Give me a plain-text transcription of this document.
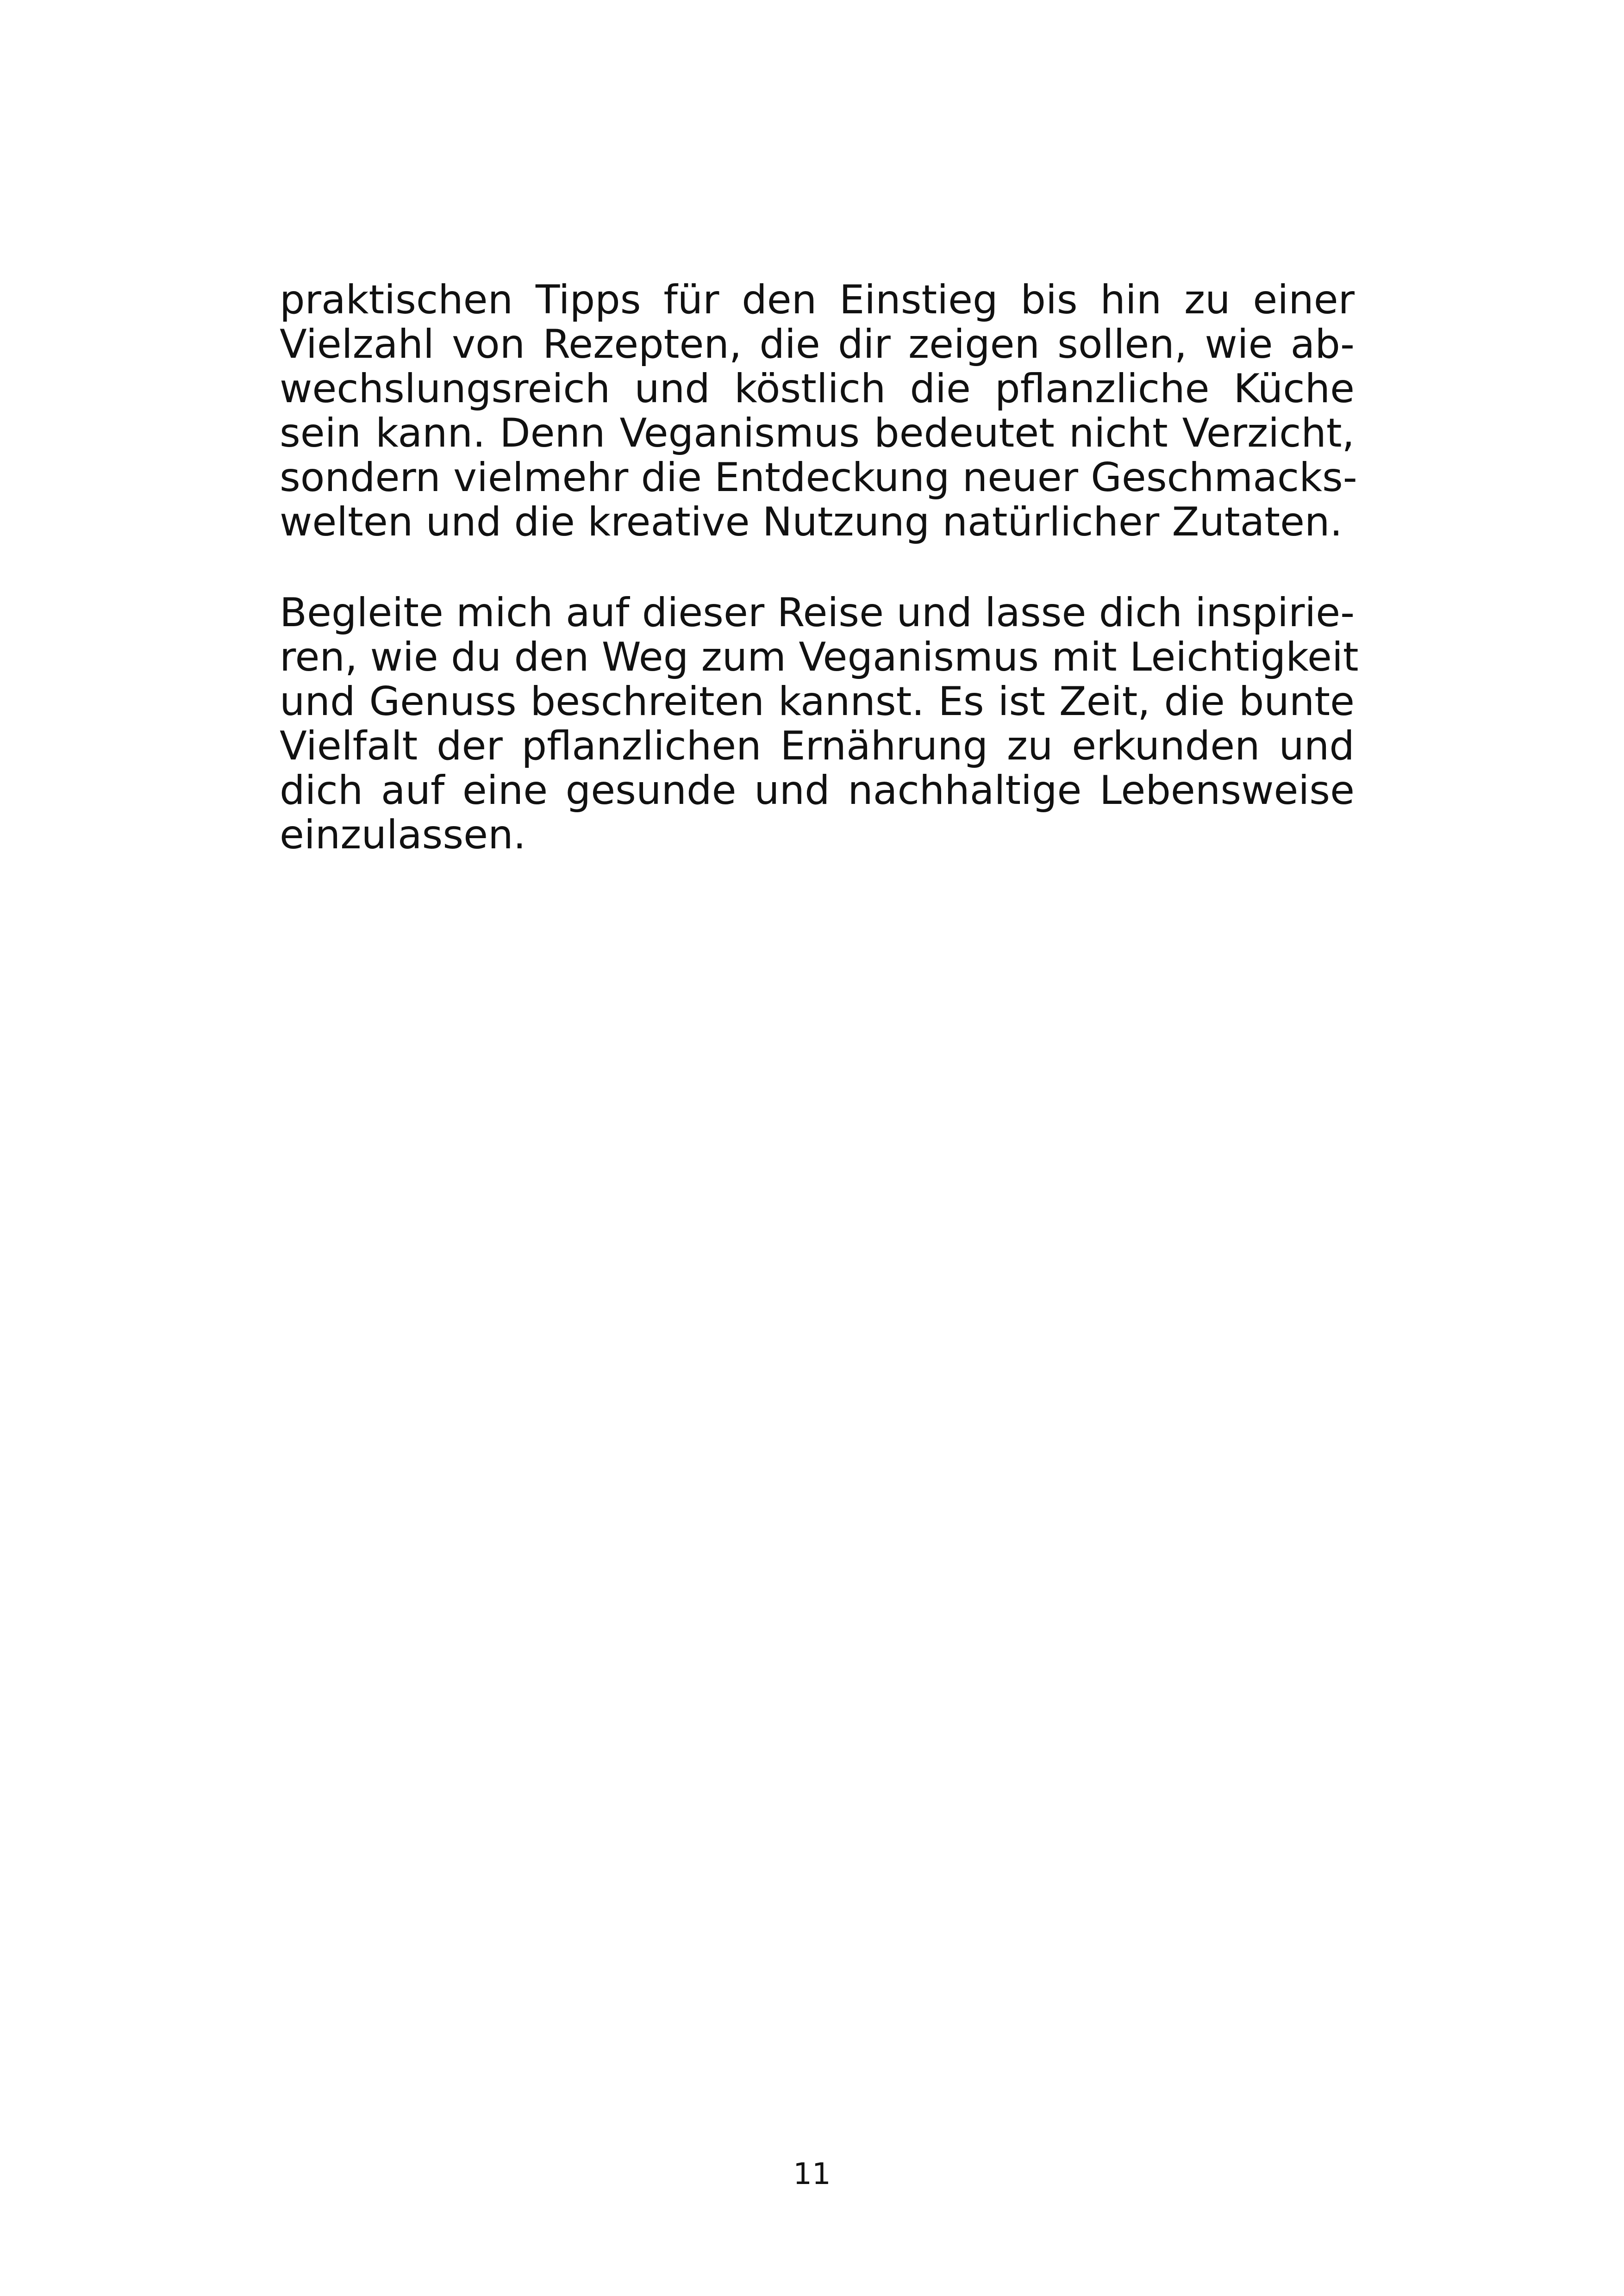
praktischen Tipps für den Einstieg bis hin zu einer
Vielzahl von Rezepten, die dir zeigen sollen, wie ab-
wechslungsreich und köstlich die pflanzliche Küche
sein kann. Denn Veganismus bedeutet nicht Verzicht,
sondern vielmehr die Entdeckung neuer Geschmacks-
welten und die kreative Nutzung natürlicher Zutaten.
Begleite mich auf dieser Reise und lasse dich inspirie-
ren, wie du den Weg zum Veganismus mit Leichtigkeit
und Genuss beschreiten kannst. Es ist Zeit, die bunte
Vielfalt der pflanzlichen Ernährung zu erkunden und
dich auf eine gesunde und nachhaltige Lebensweise
einzulassen.
11
